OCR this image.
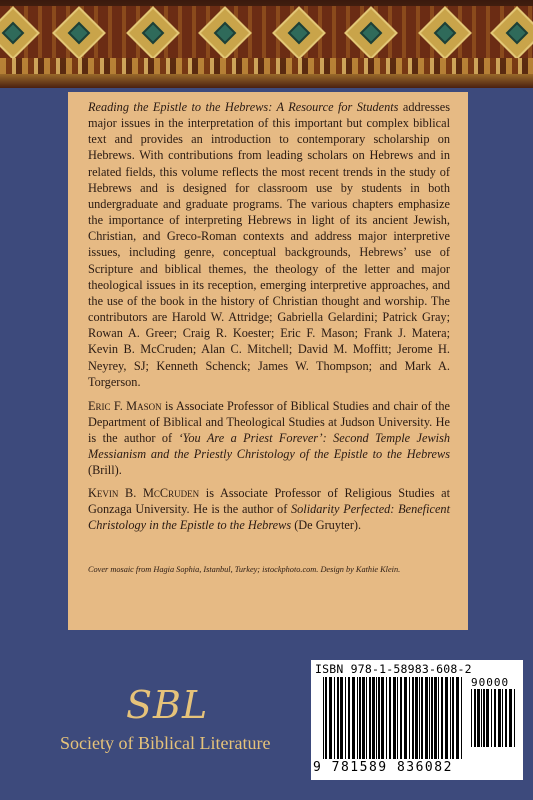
Reading the Epistle to the Hebrews: A Resource for Students addresses major issues in the interpretation of this important but complex biblical text and provides an introduction to contemporary scholarship on Hebrews. With contributions from leading scholars on Hebrews and in related fields, this volume reflects the most recent trends in the study of Hebrews and is designed for classroom use by students in both undergraduate and graduate programs. The various chapters emphasize the importance of interpreting Hebrews in light of its ancient Jewish, Christian, and Greco-Roman contexts and address major interpretive issues, including genre, conceptual backgrounds, Hebrews’ use of Scripture and biblical themes, the theology of the letter and major theological issues in its reception, emerging interpretive approaches, and the use of the book in the history of Christian thought and worship. The contributors are Harold W. Attridge; Gabriella Gelardini; Patrick Gray; Rowan A. Greer; Craig R. Koester; Eric F. Mason; Frank J. Matera; Kevin B. McCruden; Alan C. Mitchell; David M. Moffitt; Jerome H. Neyrey, SJ; Kenneth Schenck; James W. Thompson; and Mark A. Torgerson.

Eric F. Mason is Associate Professor of Biblical Studies and chair of the Department of Biblical and Theological Studies at Judson University. He is the author of ‘You Are a Priest Forever’: Second Temple Jewish Messianism and the Priestly Christology of the Epistle to the Hebrews (Brill).

Kevin B. McCruden is Associate Professor of Religious Studies at Gonzaga University. He is the author of Solidarity Perfected: Beneficent Christology in the Epistle to the Hebrews (De Gruyter).

Cover mosaic from Hagia Sophia, Istanbul, Turkey; istockphoto.com. Design by Kathie Klein.
SBL
Society of Biblical Literature
ISBN 978-1-58983-608-2
90000
9 781589 836082
